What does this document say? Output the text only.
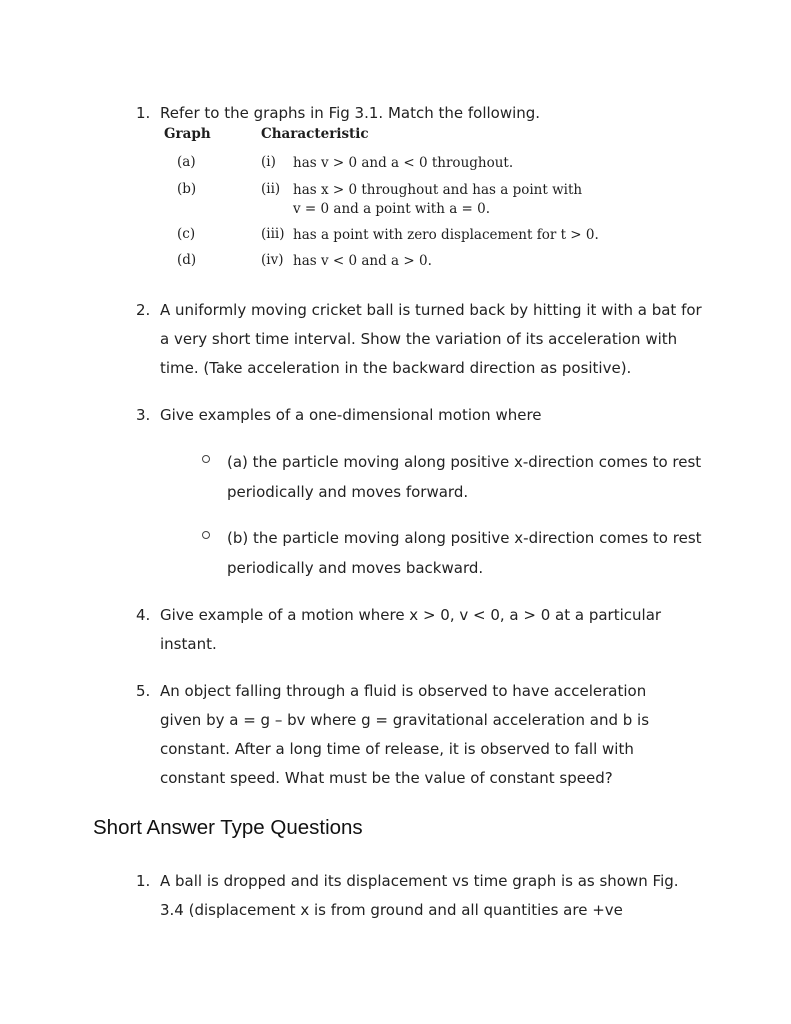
1. Refer to the graphs in Fig 3.1. Match the following.
Graph	Characteristic
(a)	(i) has v > 0 and a < 0 throughout.
(b)	(ii) has x > 0 throughout and has a point with
v = 0 and a point with a = 0.
(c)	(iii) has a point with zero displacement for t > 0.
(d)	(iv) has v < 0 and a > 0.
2. A uniformly moving cricket ball is turned back by hitting it with a bat for a very short time interval. Show the variation of its acceleration with time. (Take acceleration in the backward direction as positive).
3. Give examples of a one-dimensional motion where
(a) the particle moving along positive x-direction comes to rest periodically and moves forward.
(b) the particle moving along positive x-direction comes to rest periodically and moves backward.
4. Give example of a motion where x > 0, v < 0, a > 0 at a particular instant.
5. An object falling through a fluid is observed to have acceleration given by a = g – bv where g = gravitational acceleration and b is constant. After a long time of release, it is observed to fall with constant speed. What must be the value of constant speed?
Short Answer Type Questions
1. A ball is dropped and its displacement vs time graph is as shown Fig. 3.4 (displacement x is from ground and all quantities are +ve
